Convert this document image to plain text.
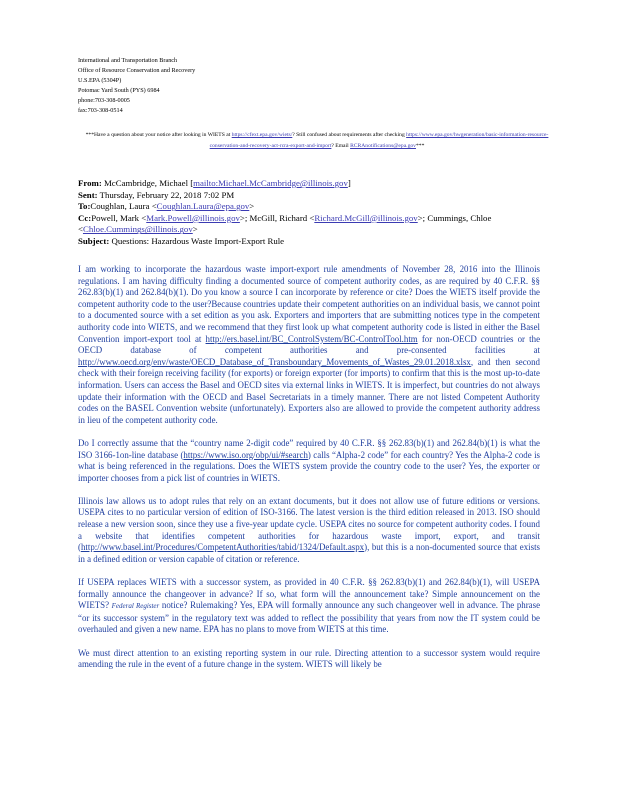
International and Transportation Branch
Office of Resource Conservation and Recovery
U.S.EPA (5304P)
Potomac Yard South (PYS) 6984
phone:703-308-0005
fax:703-308-0514
***Have a question about your notice after looking in WIETS at https://cfext.epa.gov/wiets/? Still confused about requirements after checking https://www.epa.gov/hwgeneration/basic-information-resource-conservation-and-recovery-act-rcra-export-and-import? Email RCRAnotifications@epa.gov***
From: McCambridge, Michael [mailto:Michael.McCambridge@illinois.gov]
Sent: Thursday, February 22, 2018 7:02 PM
To:Coughlan, Laura <Coughlan.Laura@epa.gov>
Cc:Powell, Mark <Mark.Powell@illinois.gov>; McGill, Richard <Richard.McGill@illinois.gov>; Cummings, Chloe
<Chloe.Cummings@illinois.gov>
Subject: Questions: Hazardous Waste Import-Export Rule

I am working to incorporate the hazardous waste import-export rule amendments of November 28, 2016 into the Illinois regulations. I am having difficulty finding a documented source of competent authority codes, as are required by 40 C.F.R. §§ 262.83(b)(1) and 262.84(b)(1). Do you know a source I can incorporate by reference or cite? Does the WIETS itself provide the competent authority code to the user?Because countries update their competent authorities on an individual basis, we cannot point to a documented source with a set edition as you ask. Exporters and importers that are submitting notices type in the competent authority code into WIETS, and we recommend that they first look up what competent authority code is listed in either the Basel Convention import-export tool at http://ers.basel.int/BC_ControlSystem/BC-ControlTool.htm for non-OECD countries or the OECD database of competent authorities and pre-consented facilities at http://www.oecd.org/env/waste/OECD_Database_of_Transboundary_Movements_of_Wastes_29.01.2018.xlsx, and then second check with their foreign receiving facility (for exports) or foreign exporter (for imports) to confirm that this is the most up-to-date information. Users can access the Basel and OECD sites via external links in WIETS. It is imperfect, but countries do not always update their information with the OECD and Basel Secretariats in a timely manner. There are not listed Competent Authority codes on the BASEL Convention website (unfortunately). Exporters also are allowed to provide the competent authority address in lieu of the competent authority code.

Do I correctly assume that the “country name 2-digit code” required by 40 C.F.R. §§ 262.83(b)(1) and 262.84(b)(1) is what the ISO 3166-1on-line database (https://www.iso.org/obp/ui/#search) calls “Alpha-2 code” for each country? Yes the Alpha-2 code is what is being referenced in the regulations. Does the WIETS system provide the country code to the user? Yes, the exporter or importer chooses from a pick list of countries in WIETS.

Illinois law allows us to adopt rules that rely on an extant documents, but it does not allow use of future editions or versions. USEPA cites to no particular version of edition of ISO-3166. The latest version is the third edition released in 2013. ISO should release a new version soon, since they use a five-year update cycle. USEPA cites no source for competent authority codes. I found a website that identifies competent authorities for hazardous waste import, export, and transit (http://www.basel.int/Procedures/CompetentAuthorities/tabid/1324/Default.aspx), but this is a non-documented source that exists in a defined edition or version capable of citation or reference.

If USEPA replaces WIETS with a successor system, as provided in 40 C.F.R. §§ 262.83(b)(1) and 262.84(b)(1), will USEPA formally announce the changeover in advance? If so, what form will the announcement take? Simple announcement on the WIETS? Federal Register notice? Rulemaking? Yes, EPA will formally announce any such changeover well in advance. The phrase “or its successor system” in the regulatory text was added to reflect the possibility that years from now the IT system could be overhauled and given a new name. EPA has no plans to move from WIETS at this time.

We must direct attention to an existing reporting system in our rule. Directing attention to a successor system would require amending the rule in the event of a future change in the system. WIETS will likely be
